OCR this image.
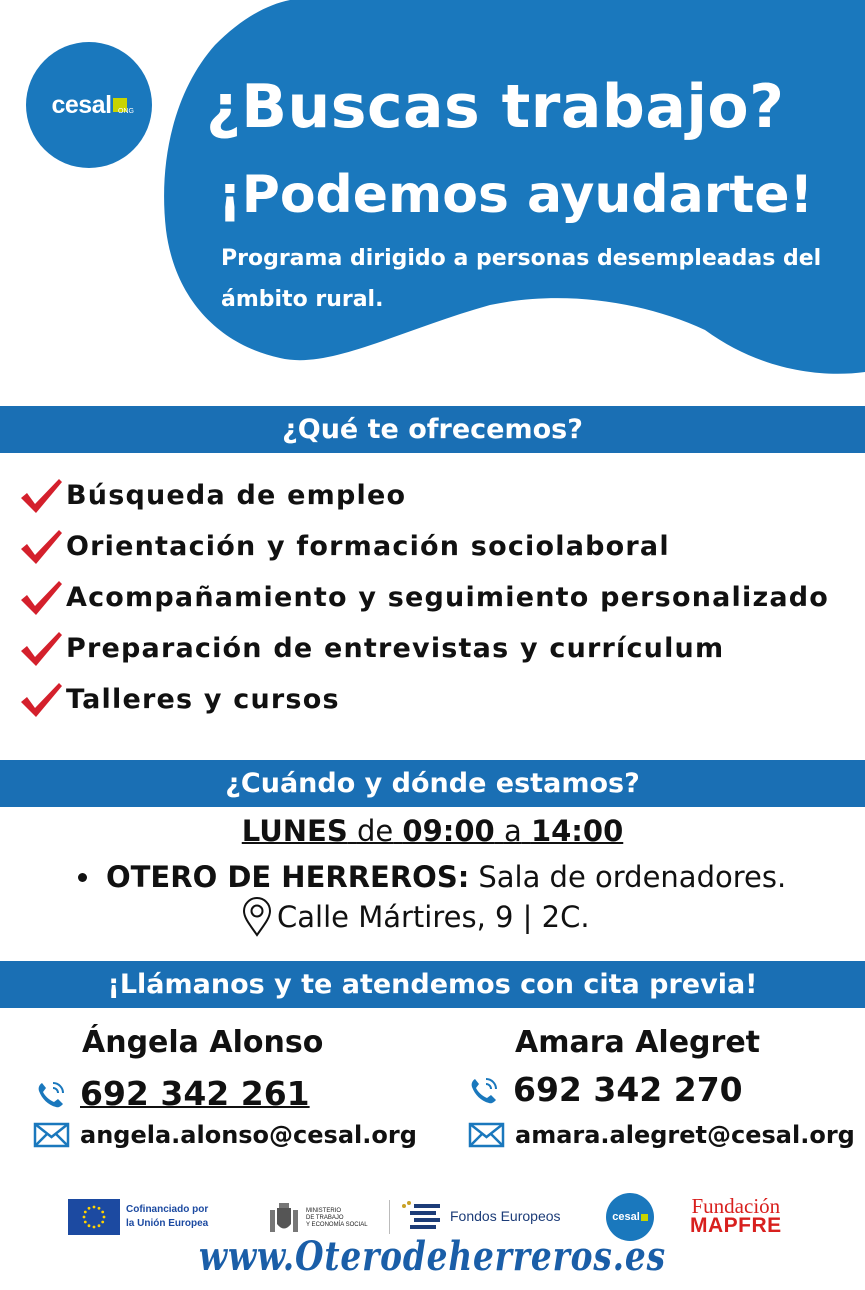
cesal ONG ¿Buscas trabajo?
¡Podemos ayudarte!
Programa dirigido a personas desempleadas del ámbito rural.
¿Qué te ofrecemos?
Búsqueda de empleo
Orientación y formación sociolaboral
Acompañamiento y seguimiento personalizado
Preparación de entrevistas y currículum
Talleres y cursos
¿Cuándo y dónde estamos?
LUNES de 09:00 a 14:00
OTERO DE HERREROS: Sala de ordenadores.
Calle Mártires, 9 | 2C.
¡Llámanos y te atendemos con cita previa!
Ángela Alonso	Amara Alegret
692 342 261	692 342 270
angela.alonso@cesal.org	amara.alegret@cesal.org
Cofinanciado por
la Unión Europea
MINISTERIO
DE TRABAJO
Y ECONOMÍA SOCIAL
Fondos Europeos	cesal Fundación
MAPFRE
www.Oterodeherreros.es
